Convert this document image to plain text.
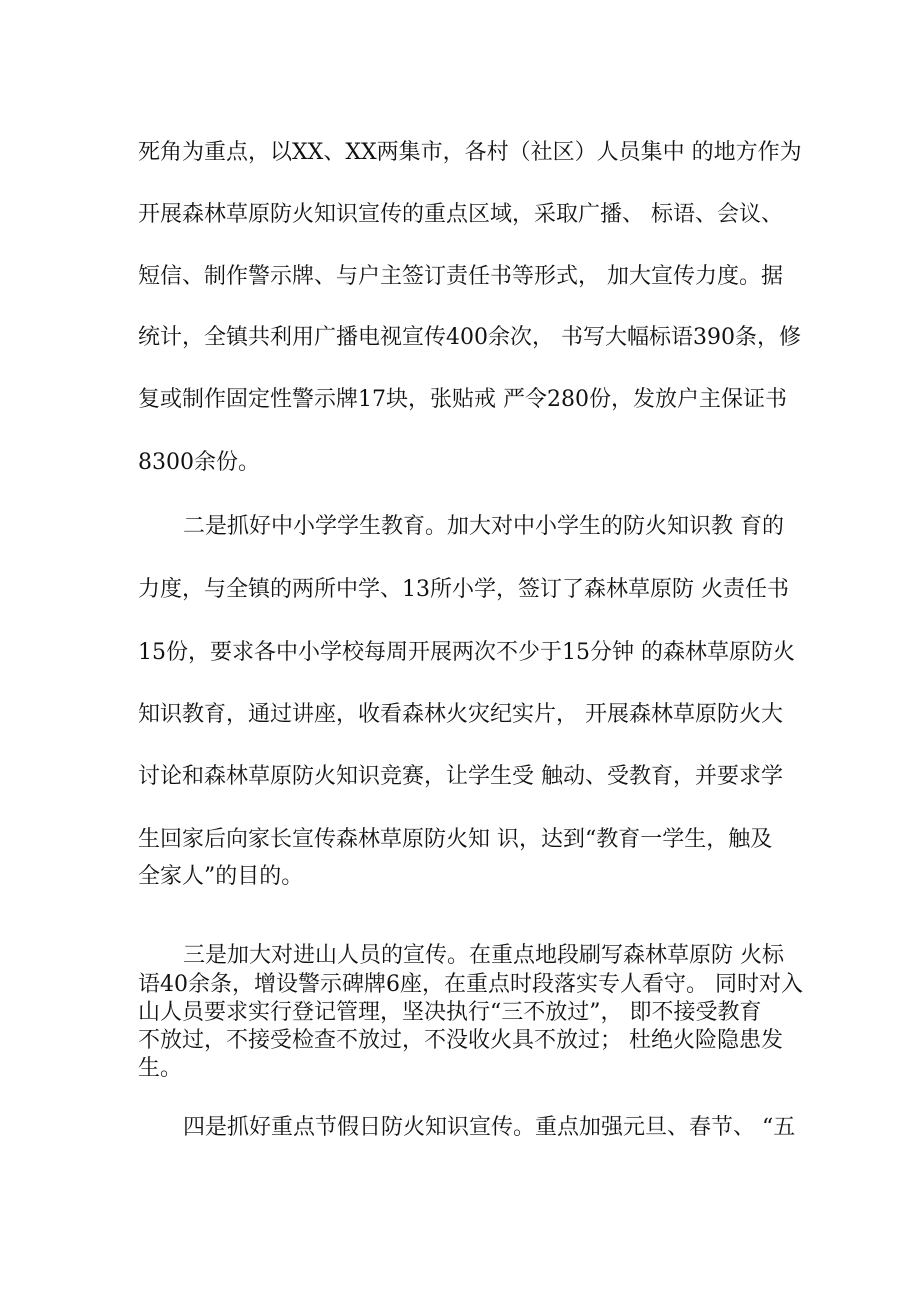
死角为重点，以XX、XX两集市，各村（社区）人员集中 的地方作为
开展森林草原防火知识宣传的重点区域，采取广播、 标语、会议、
短信、制作警示牌、与户主签订责任书等形式， 加大宣传力度。据
统计，全镇共利用广播电视宣传400余次， 书写大幅标语390条，修
复或制作固定性警示牌17块，张贴戒 严令280份，发放户主保证书
8300余份。
二是抓好中小学学生教育。加大对中小学生的防火知识教 育的
力度，与全镇的两所中学、13所小学，签订了森林草原防 火责任书
15份，要求各中小学校每周开展两次不少于15分钟 的森林草原防火
知识教育，通过讲座，收看森林火灾纪实片， 开展森林草原防火大
讨论和森林草原防火知识竞赛，让学生受 触动、受教育，并要求学
生回家后向家长宣传森林草原防火知 识，达到“教育一学生，触及
全家人”的目的。
三是加大对进山人员的宣传。在重点地段刷写森林草原防 火标
语40余条，增设警示碑牌6座，在重点时段落实专人看守。 同时对入
山人员要求实行登记管理，坚决执行“三不放过”， 即不接受教育
不放过，不接受检查不放过，不没收火具不放过； 杜绝火险隐患发
生。
四是抓好重点节假日防火知识宣传。重点加强元旦、春节、 “五
